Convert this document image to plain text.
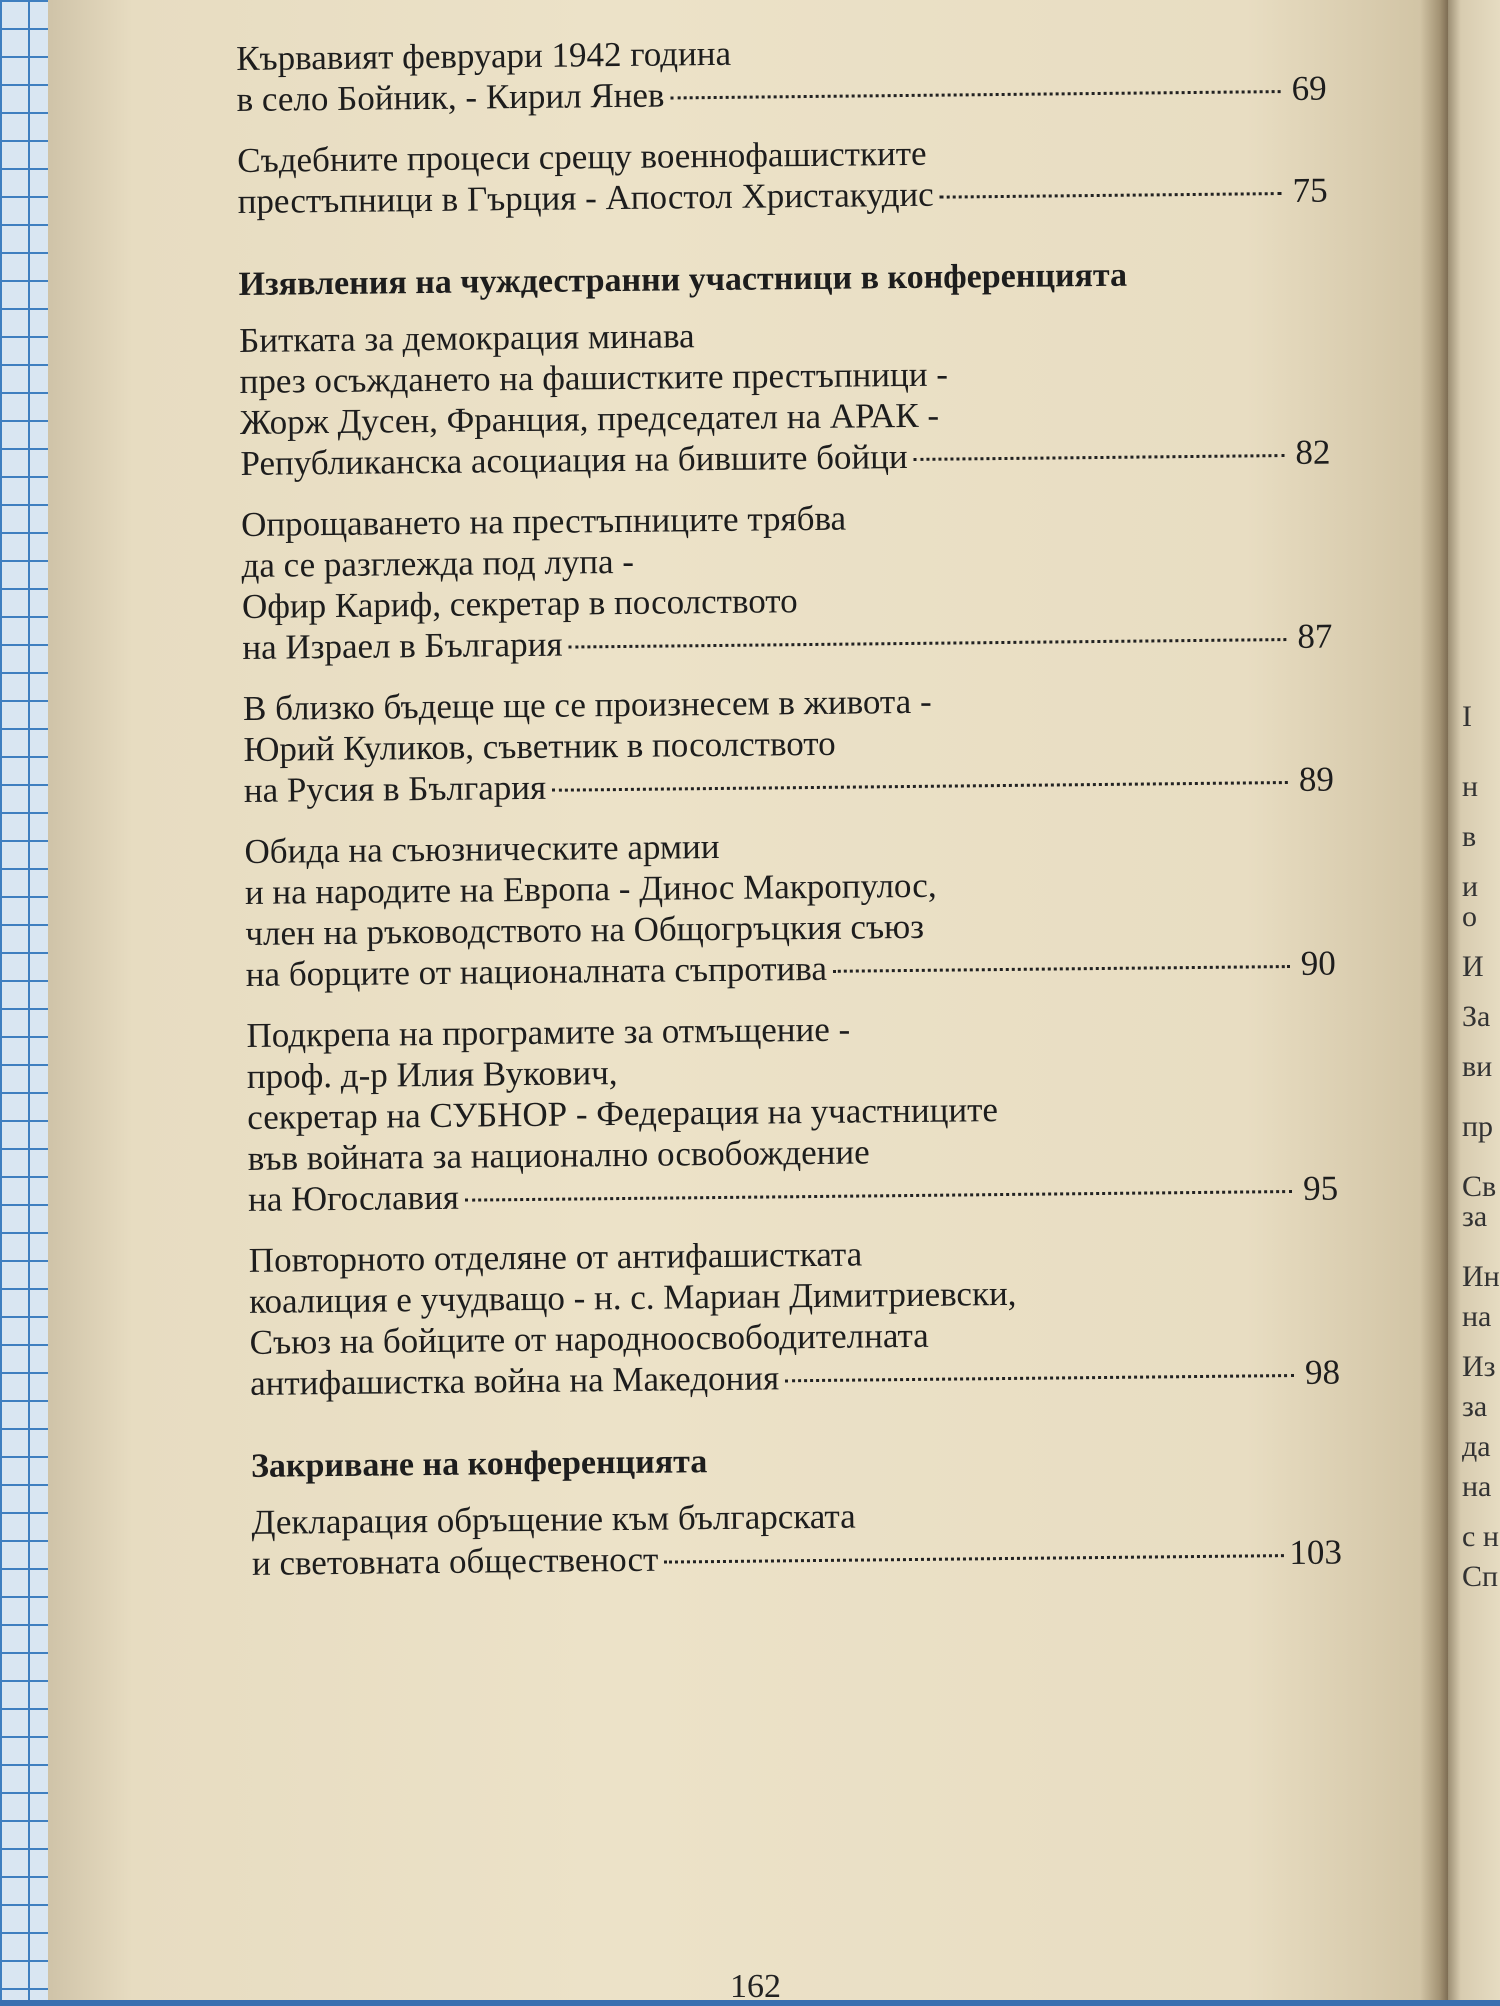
I
н
в
и
о
И
За
ви
пр
Св
за
Ин
на
Из
за
да
на
с н
Сп
Кървавият февруари 1942 година
в село Бойник, - Кирил Янев	69
Съдебните процеси срещу военнофашистките
престъпници в Гърция - Апостол Христакудис	75
Изявления на чуждестранни участници в конференцията
Битката за демокрация минава
през осъждането на фашистките престъпници -
Жорж Дусен, Франция, председател на АРАК -
Републиканска асоциация на бившите бойци	82
Опрощаването на престъпниците трябва
да се разглежда под лупа -
Офир Кариф, секретар в посолството
на Израел в България	87
В близко бъдеще ще се произнесем в живота -
Юрий Куликов, съветник в посолството
на Русия в България	89
Обида на съюзническите армии
и на народите на Европа - Динос Макропулос,
член на ръководството на Общогръцкия съюз
на борците от националната съпротива	90
Подкрепа на програмите за отмъщение -
проф. д-р Илия Вукович,
секретар на СУБНОР - Федерация на участниците
във войната за национално освобождение
на Югославия	95
Повторното отделяне от антифашистката
коалиция е учудващо - н. с. Мариан Димитриевски,
Съюз на бойците от народноосвободителната
антифашистка война на Македония	98
Закриване на конференцията
Декларация обръщение към българската
и световната общественост	103
162
